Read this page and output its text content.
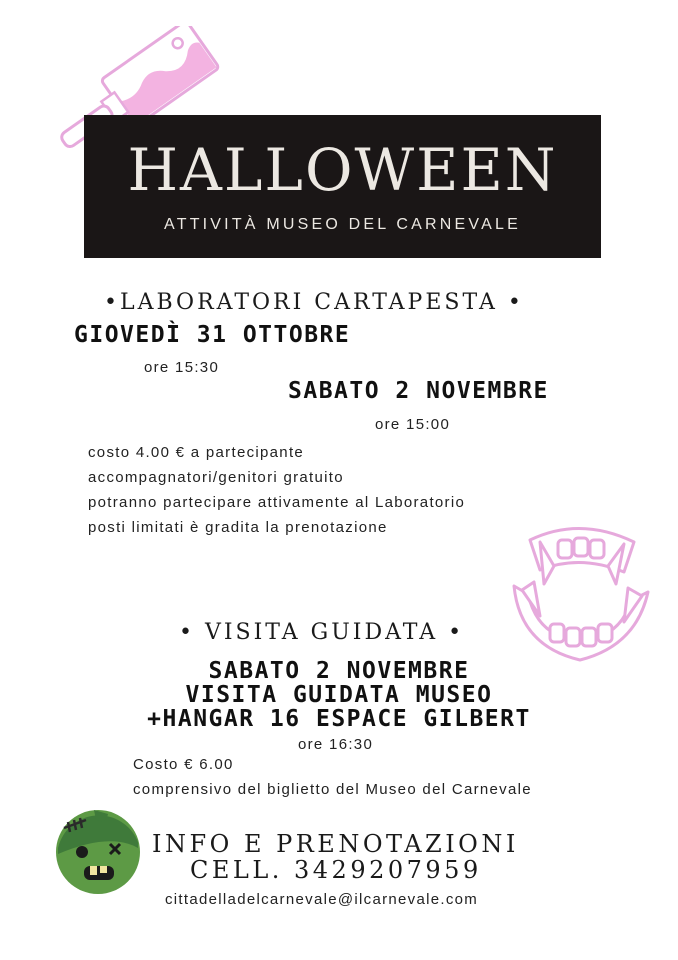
HALLOWEEN
ATTIVITÀ MUSEO DEL CARNEVALE
•LABORATORI CARTAPESTA •
GIOVEDÌ 31 OTTOBRE
ore 15:30
SABATO 2 NOVEMBRE
ore 15:00
costo 4.00 € a partecipante
accompagnatori/genitori gratuito
potranno partecipare attivamente al Laboratorio
posti limitati è gradita la prenotazione
• VISITA GUIDATA •
SABATO 2 NOVEMBRE
VISITA GUIDATA MUSEO
+HANGAR 16 ESPACE GILBERT
ore 16:30
Costo € 6.00
comprensivo del biglietto del Museo del Carnevale
INFO E PRENOTAZIONI
CELL. 3429207959
cittadelladelcarnevale@ilcarnevale.com
